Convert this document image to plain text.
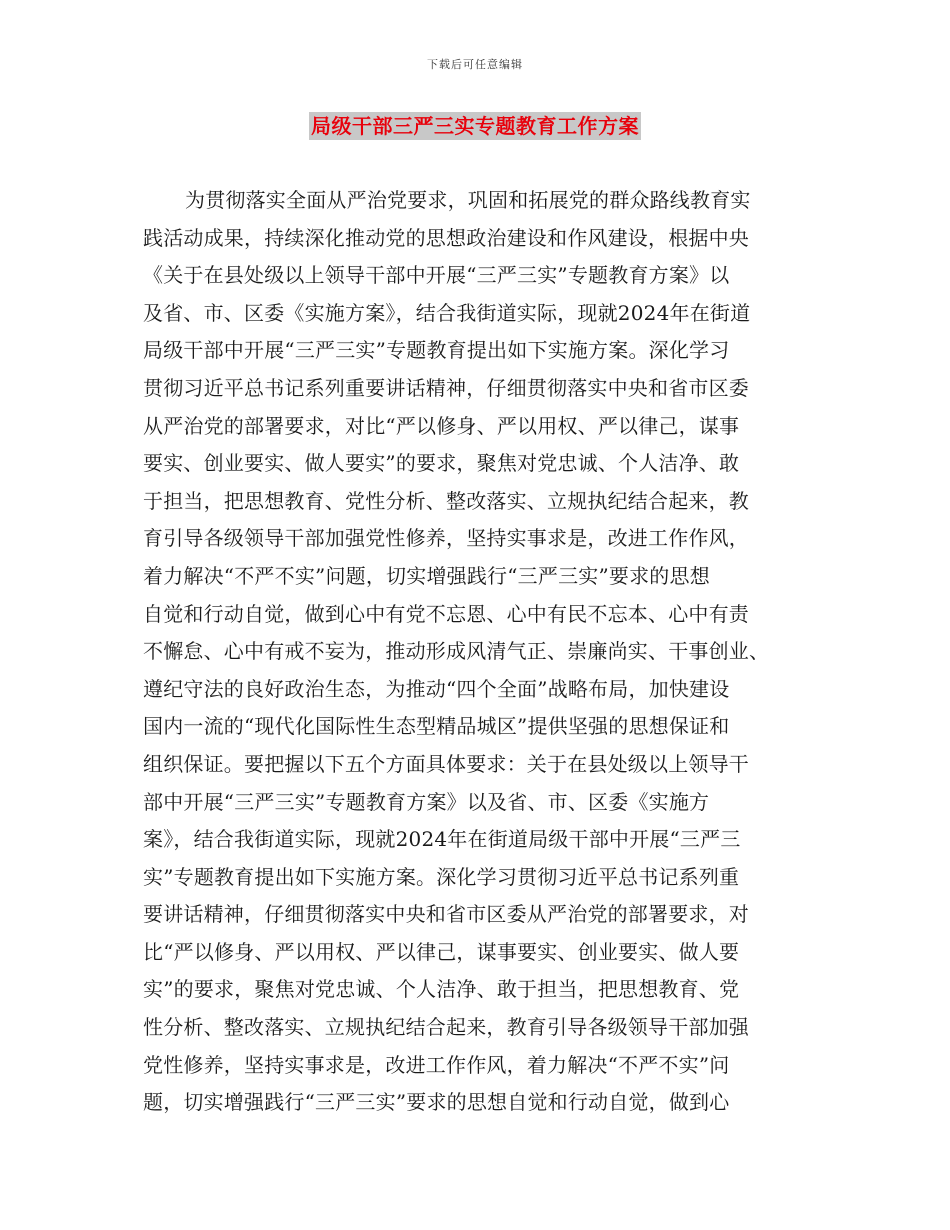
下载后可任意编辑
局级干部三严三实专题教育工作方案
为贯彻落实全面从严治党要求，巩固和拓展党的群众路线教育实
践活动成果，持续深化推动党的思想政治建设和作风建设，根据中央
《关于在县处级以上领导干部中开展“三严三实”专题教育方案》以
及省、市、区委《实施方案》，结合我街道实际，现就2024年在街道
局级干部中开展“三严三实”专题教育提出如下实施方案。深化学习
贯彻习近平总书记系列重要讲话精神，仔细贯彻落实中央和省市区委
从严治党的部署要求，对比“严以修身、严以用权、严以律己，谋事
要实、创业要实、做人要实”的要求，聚焦对党忠诚、个人洁净、敢
于担当，把思想教育、党性分析、整改落实、立规执纪结合起来，教
育引导各级领导干部加强党性修养，坚持实事求是，改进工作作风，
着力解决“不严不实”问题，切实增强践行“三严三实”要求的思想
自觉和行动自觉，做到心中有党不忘恩、心中有民不忘本、心中有责
不懈怠、心中有戒不妄为，推动形成风清气正、崇廉尚实、干事创业、
遵纪守法的良好政治生态，为推动“四个全面”战略布局，加快建设
国内一流的“现代化国际性生态型精品城区”提供坚强的思想保证和
组织保证。要把握以下五个方面具体要求：关于在县处级以上领导干
部中开展“三严三实”专题教育方案》以及省、市、区委《实施方
案》，结合我街道实际，现就2024年在街道局级干部中开展“三严三
实”专题教育提出如下实施方案。深化学习贯彻习近平总书记系列重
要讲话精神，仔细贯彻落实中央和省市区委从严治党的部署要求，对
比“严以修身、严以用权、严以律己，谋事要实、创业要实、做人要
实”的要求，聚焦对党忠诚、个人洁净、敢于担当，把思想教育、党
性分析、整改落实、立规执纪结合起来，教育引导各级领导干部加强
党性修养，坚持实事求是，改进工作作风，着力解决“不严不实”问
题，切实增强践行“三严三实”要求的思想自觉和行动自觉，做到心
